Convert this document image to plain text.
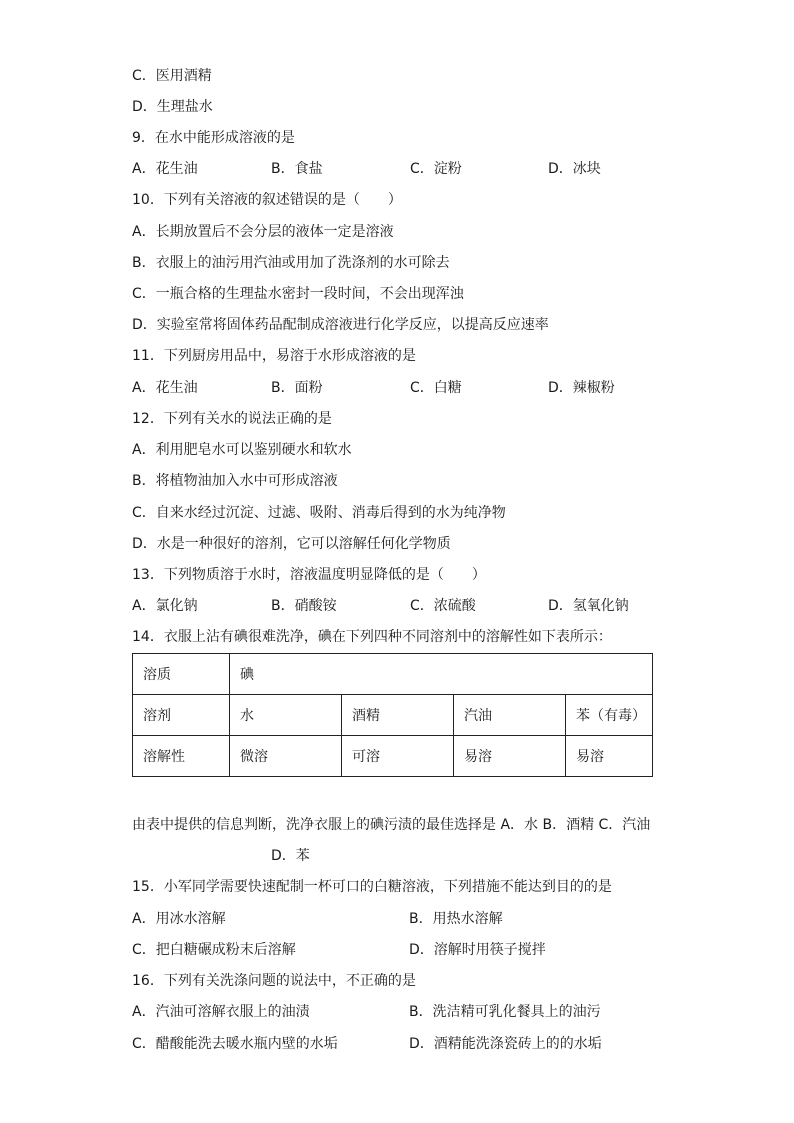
C．医用酒精
D．生理盐水
9．在水中能形成溶液的是
A．花生油	B．食盐	C．淀粉	D．冰块
10．下列有关溶液的叙述错误的是（　　）
A．长期放置后不会分层的液体一定是溶液
B．衣服上的油污用汽油或用加了洗涤剂的水可除去
C．一瓶合格的生理盐水密封一段时间，不会出现浑浊
D．实验室常将固体药品配制成溶液进行化学反应，以提高反应速率
11．下列厨房用品中，易溶于水形成溶液的是
A．花生油	B．面粉	C．白糖	D．辣椒粉
12．下列有关水的说法正确的是
A．利用肥皂水可以鉴别硬水和软水
B．将植物油加入水中可形成溶液
C．自来水经过沉淀、过滤、吸附、消毒后得到的水为纯净物
D．水是一种很好的溶剂，它可以溶解任何化学物质
13．下列物质溶于水时，溶液温度明显降低的是（　　）
A．氯化钠	B．硝酸铵	C．浓硫酸	D．氢氧化钠
14．衣服上沾有碘很难洗净，碘在下列四种不同溶剂中的溶解性如下表所示：
溶质	碘			
溶剂	水	酒精	汽油	苯（有毒）
溶解性	微溶	可溶	易溶	易溶
由表中提供的信息判断，洗净衣服上的碘污渍的最佳选择是 A．水 B．酒精 C．汽油
D．苯
15．小军同学需要快速配制一杯可口的白糖溶液，下列措施不能达到目的的是
A．用冰水溶解	B．用热水溶解
C．把白糖碾成粉末后溶解	D．溶解时用筷子搅拌
16．下列有关洗涤问题的说法中，不正确的是
A．汽油可溶解衣服上的油渍	B．洗洁精可乳化餐具上的油污
C．醋酸能洗去暖水瓶内壁的水垢	D．酒精能洗涤瓷砖上的的水垢
